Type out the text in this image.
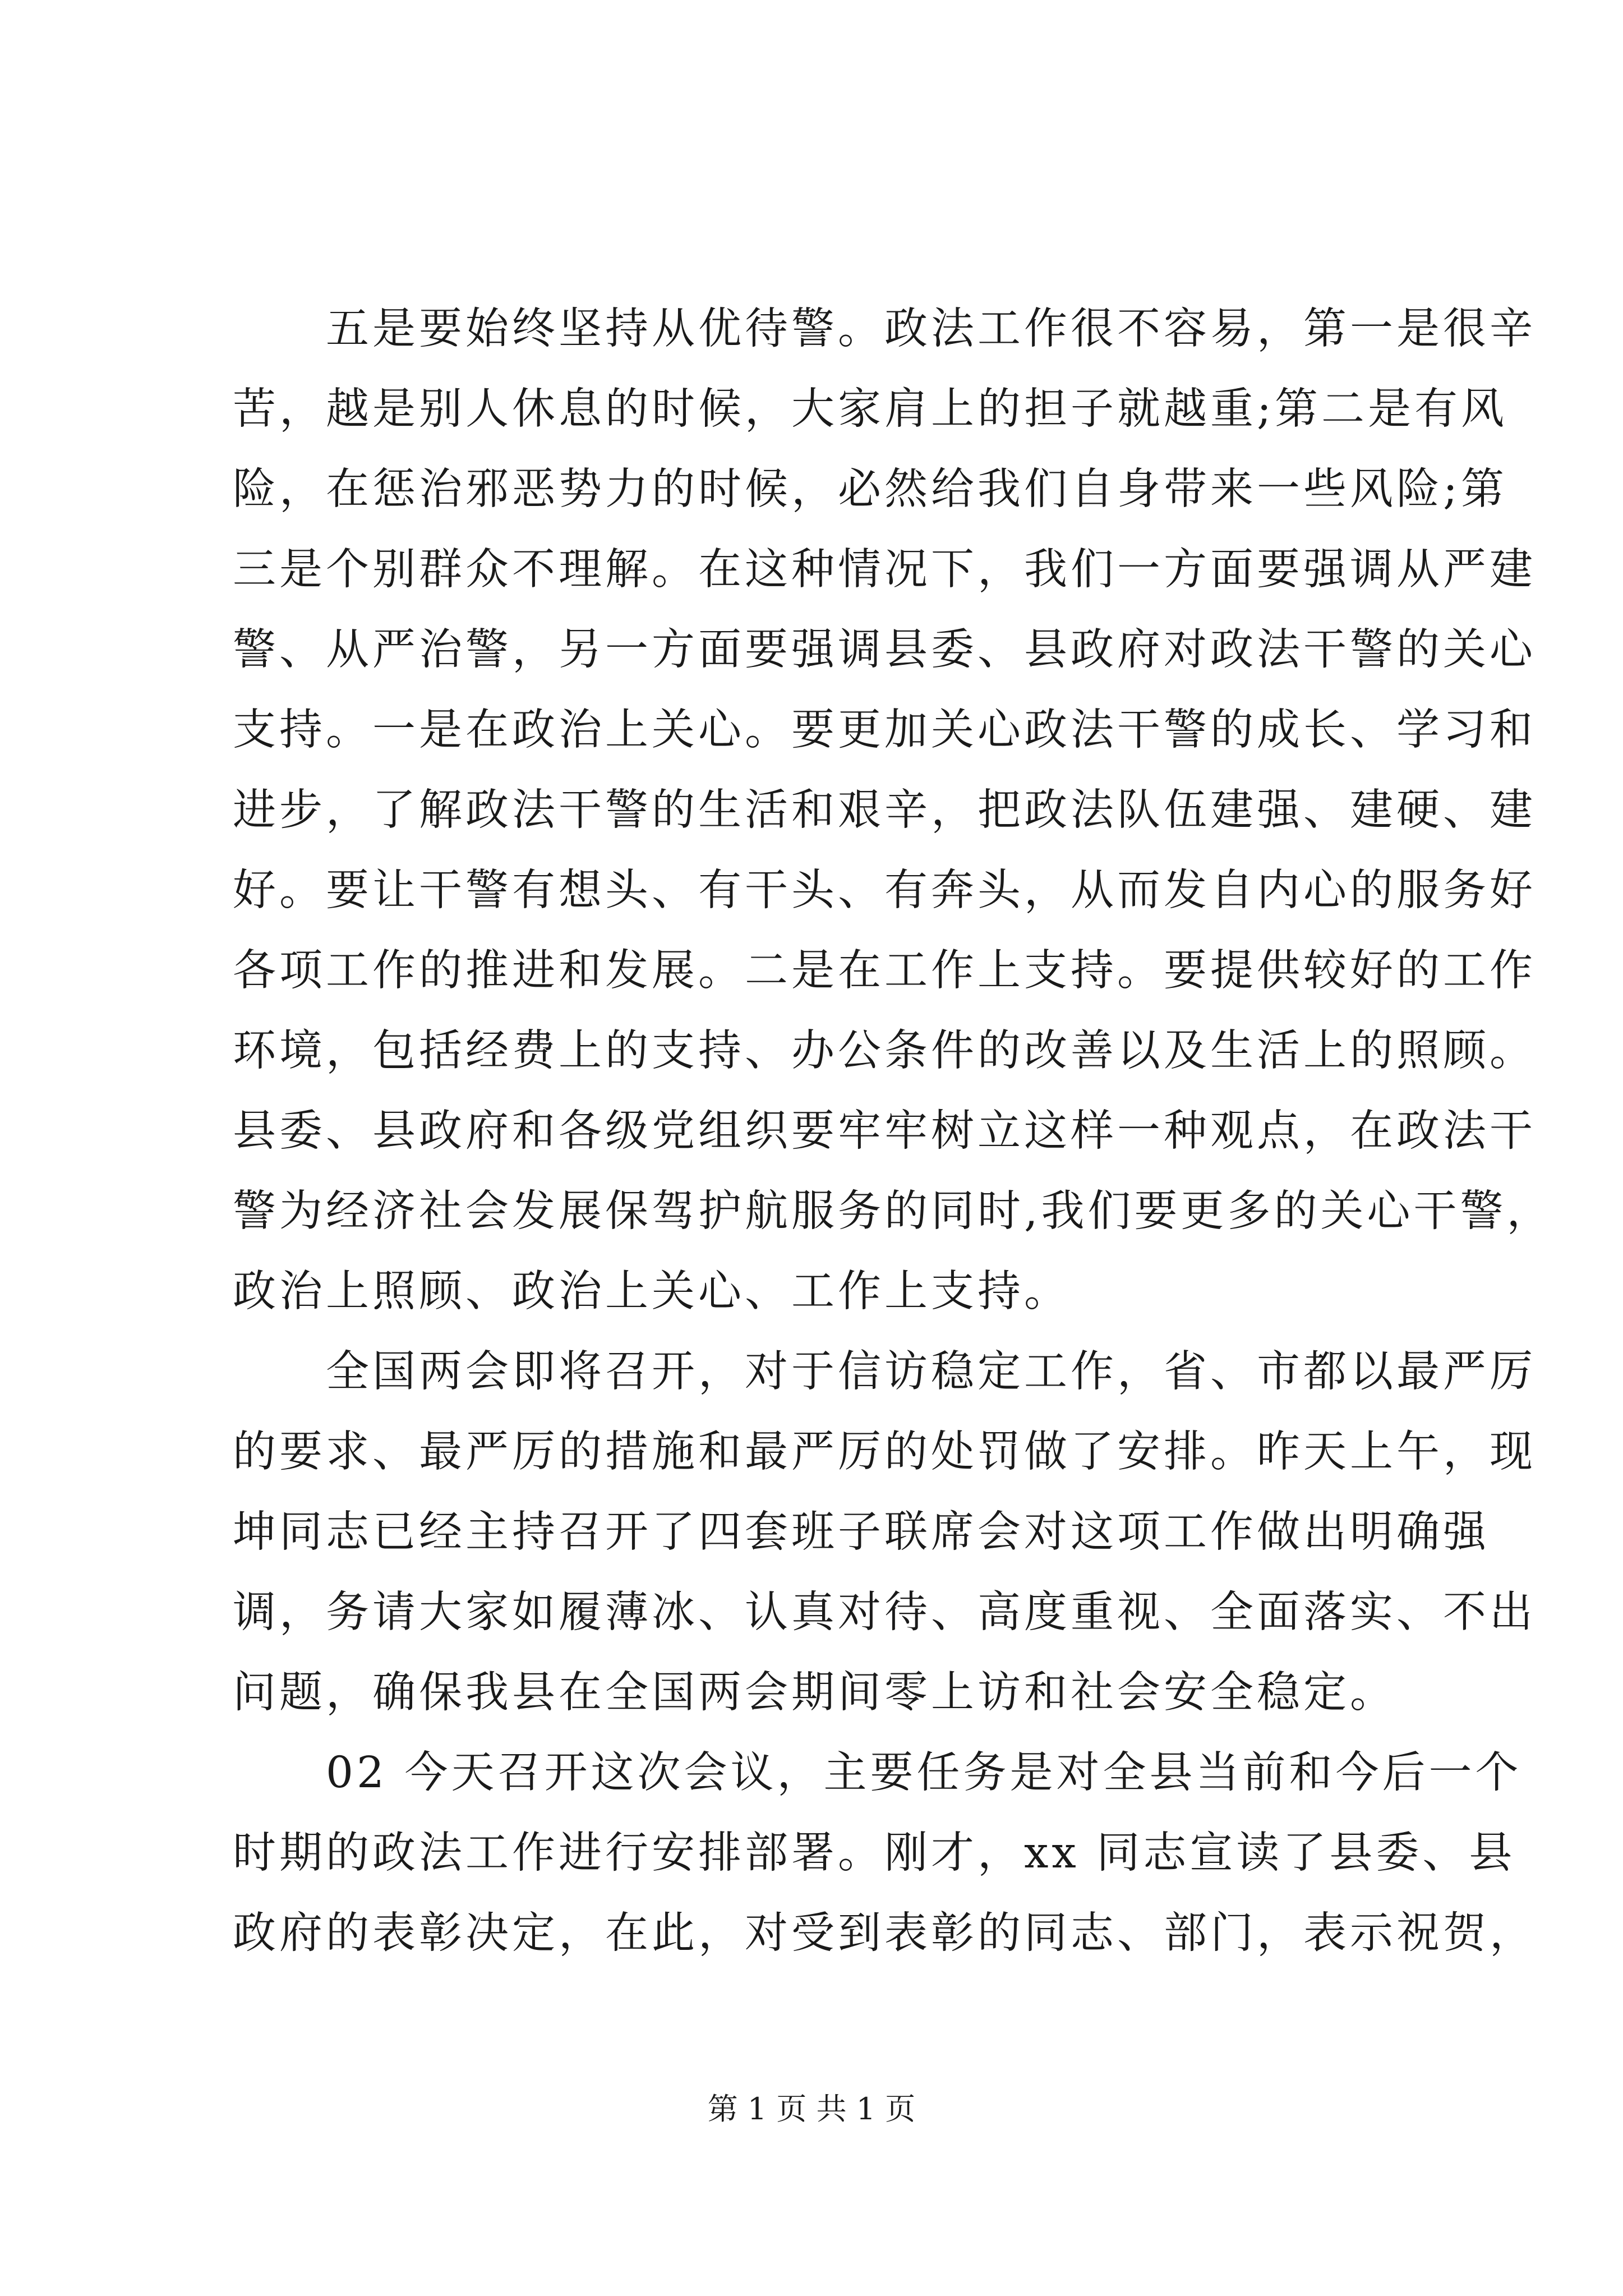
　　五是要始终坚持从优待警。政法工作很不容易，第一是很辛
苦，越是别人休息的时候，大家肩上的担子就越重;第二是有风
险，在惩治邪恶势力的时候，必然给我们自身带来一些风险;第
三是个别群众不理解。在这种情况下，我们一方面要强调从严建
警、从严治警，另一方面要强调县委、县政府对政法干警的关心
支持。一是在政治上关心。要更加关心政法干警的成长、学习和
进步，了解政法干警的生活和艰辛，把政法队伍建强、建硬、建
好。要让干警有想头、有干头、有奔头，从而发自内心的服务好
各项工作的推进和发展。二是在工作上支持。要提供较好的工作
环境，包括经费上的支持、办公条件的改善以及生活上的照顾。
县委、县政府和各级党组织要牢牢树立这样一种观点，在政法干
警为经济社会发展保驾护航服务的同时,我们要更多的关心干警，
政治上照顾、政治上关心、工作上支持。
　　全国两会即将召开，对于信访稳定工作，省、市都以最严厉
的要求、最严厉的措施和最严厉的处罚做了安排。昨天上午，现
坤同志已经主持召开了四套班子联席会对这项工作做出明确强
调，务请大家如履薄冰、认真对待、高度重视、全面落实、不出
问题，确保我县在全国两会期间零上访和社会安全稳定。
　　02 今天召开这次会议，主要任务是对全县当前和今后一个
时期的政法工作进行安排部署。刚才，xx 同志宣读了县委、县
政府的表彰决定，在此，对受到表彰的同志、部门，表示祝贺，
第 1 页 共 1 页
